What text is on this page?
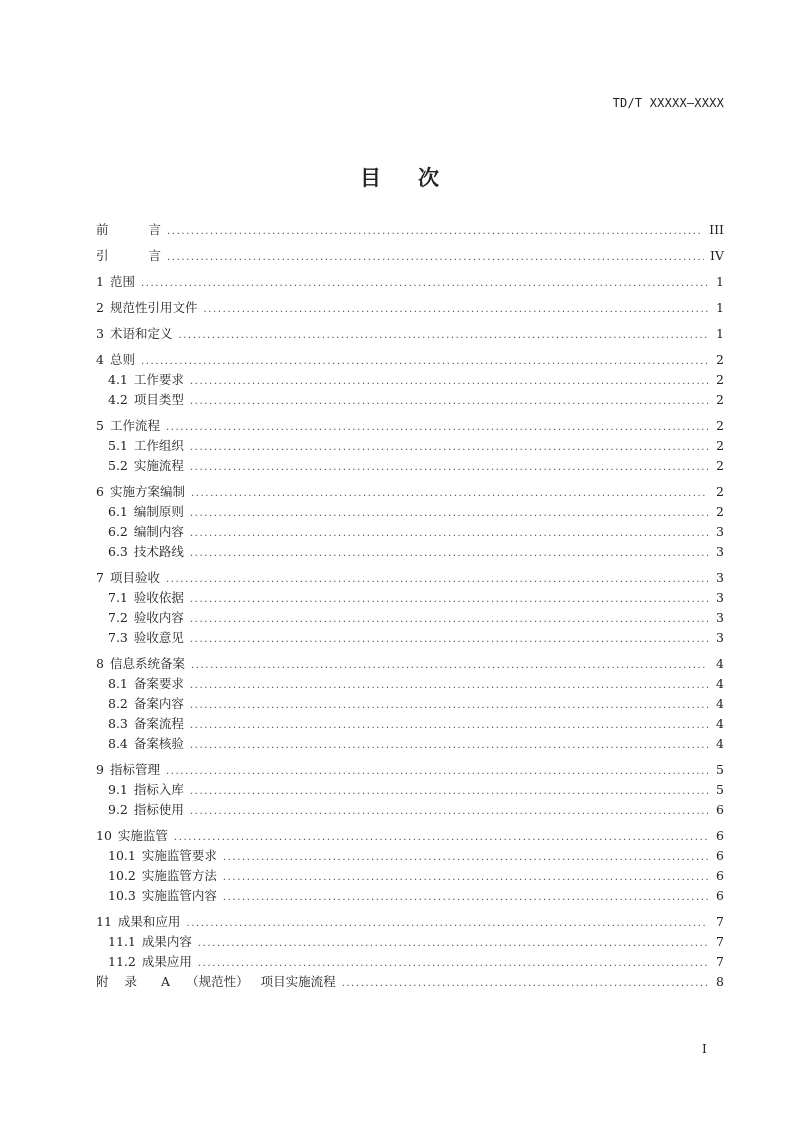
TD/T XXXXX—XXXX
目 次
前	言 .....	III
引	言 .....	IV
1 范围 .....	1
2 规范性引用文件 .....	1
3 术语和定义 .....	1
4 总则 .....	2
4.1 工作要求 .....	2
4.2 项目类型 .....	2
5 工作流程 .....	2
5.1 工作组织 .....	2
5.2 实施流程 .....	2
6 实施方案编制 .....	2
6.1 编制原则 .....	2
6.2 编制内容 .....	3
6.3 技术路线 .....	3
7 项目验收 .....	3
7.1 验收依据 .....	3
7.2 验收内容 .....	3
7.3 验收意见 .....	3
8 信息系统备案 .....	4
8.1 备案要求 .....	4
8.2 备案内容 .....	4
8.3 备案流程 .....	4
8.4 备案核验 .....	4
9 指标管理 .....	5
9.1 指标入库 .....	5
9.2 指标使用 .....	6
10 实施监管 .....	6
10.1 实施监管要求 .....	6
10.2 实施监管方法 .....	6
10.3 实施监管内容 .....	6
11 成果和应用 .....	7
11.1 成果内容 .....	7
11.2 成果应用 .....	7
附 录 A （规范性） 项目实施流程 .....	8
I
